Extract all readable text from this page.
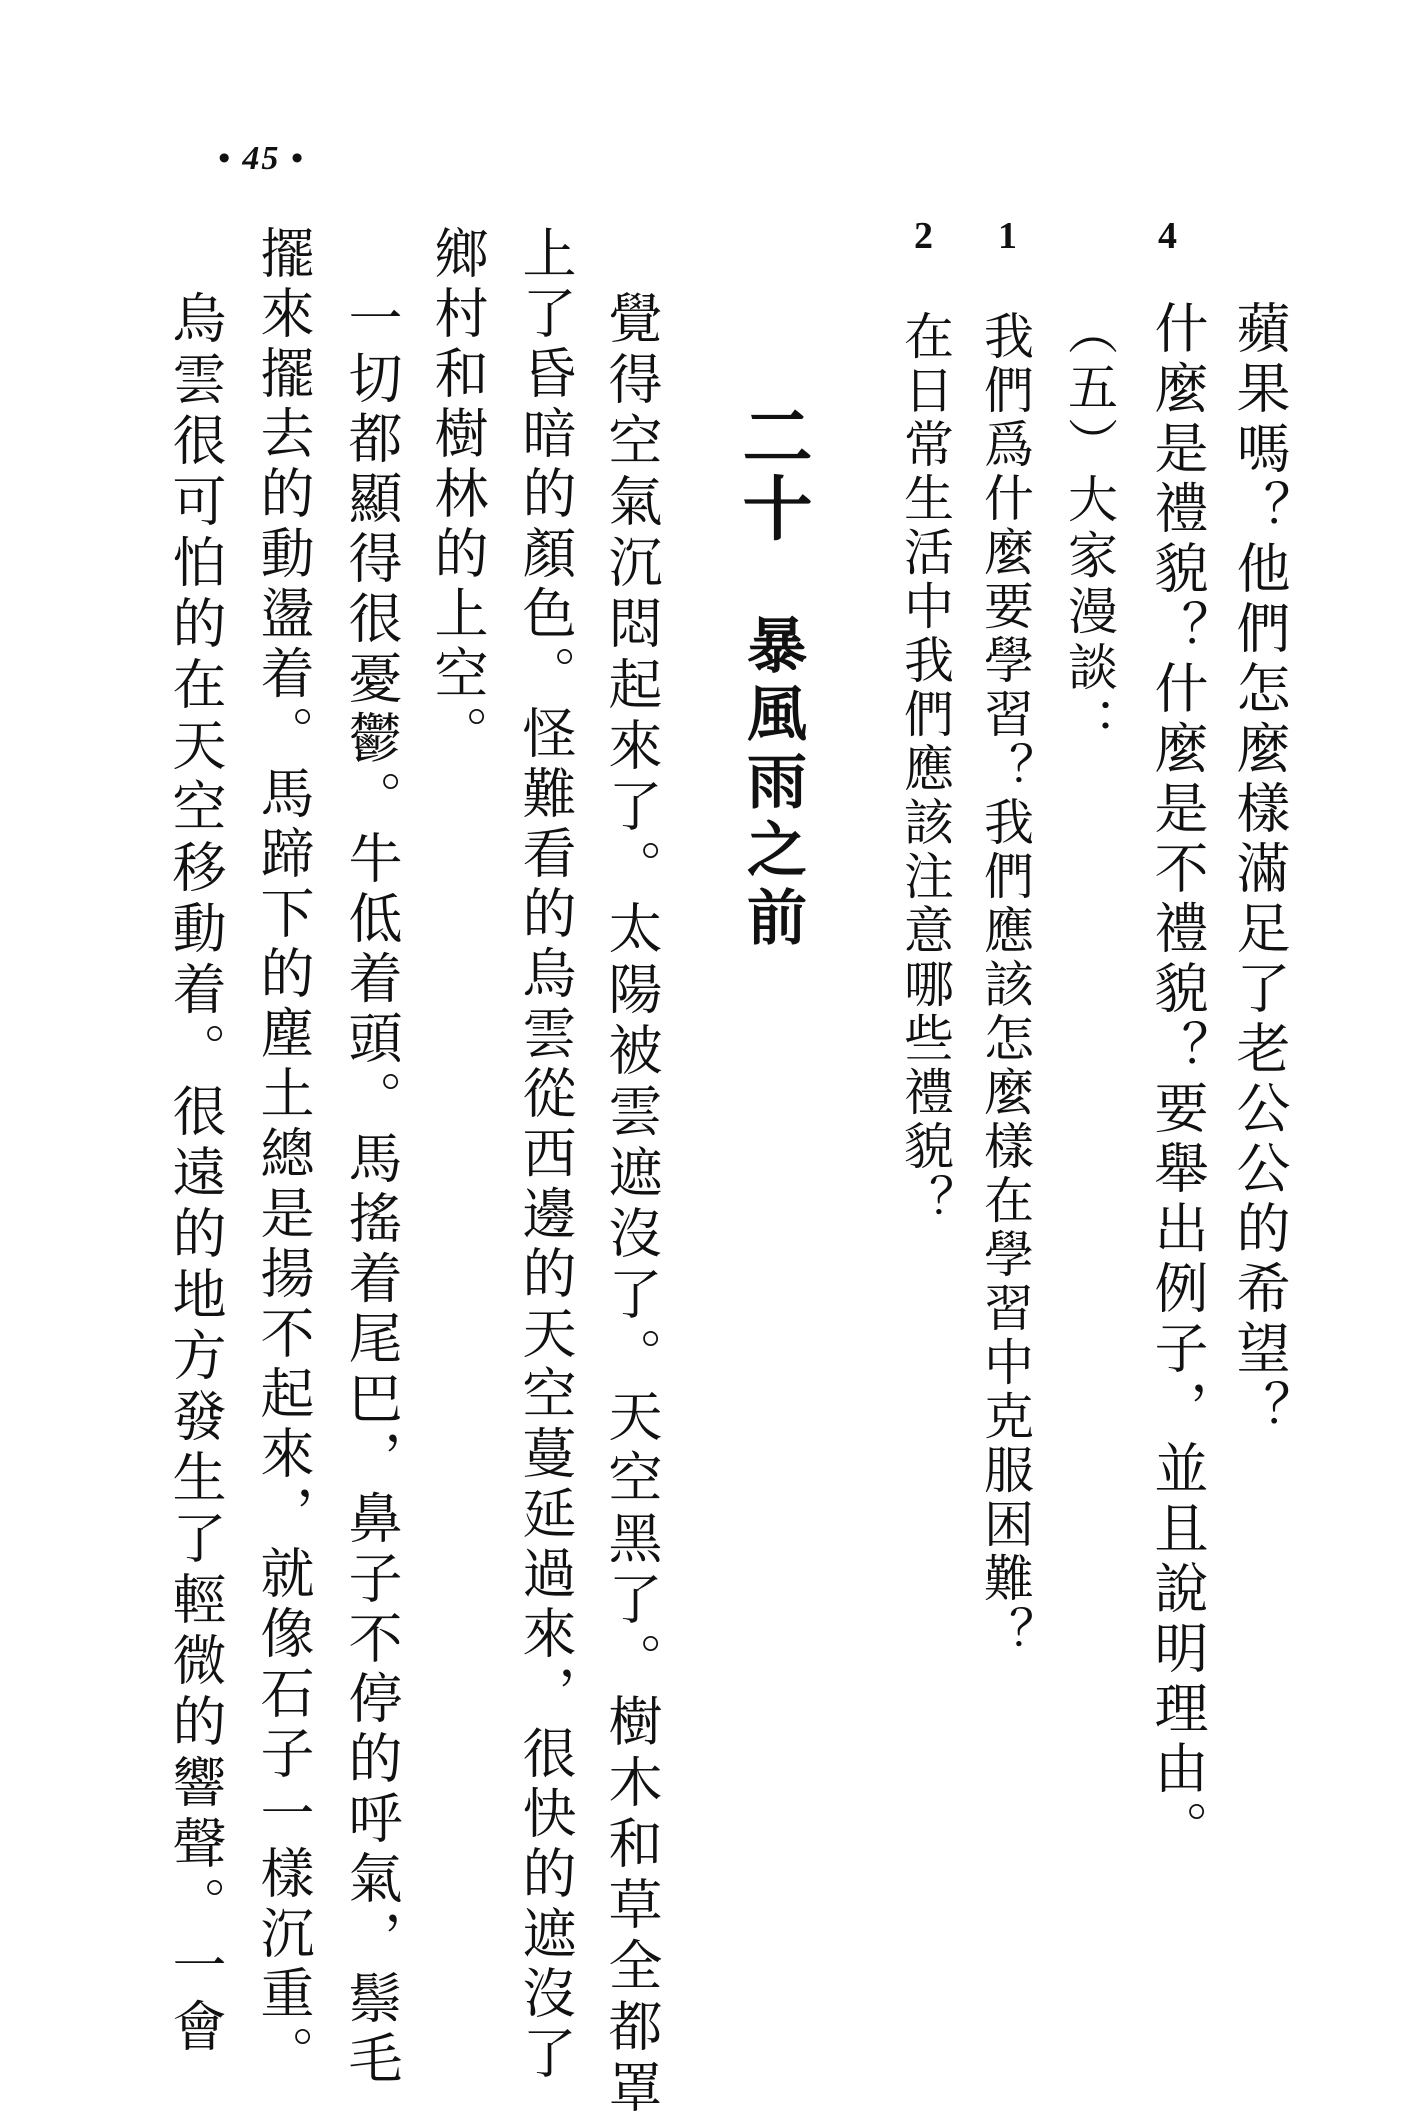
• 45 •
蘋果嗎？他們怎麼樣滿足了老公公的希望？
4
什麼是禮貌？什麼是不禮貌？要舉出例子，並且說明理由。
（五）大家漫談：
1
我們爲什麼要學習？我們應該怎麼樣在學習中克服困難？
2
在日常生活中我們應該注意哪些禮貌？
二十暴風雨之前
覺得空氣沉悶起來了。太陽被雲遮沒了。天空黑了。樹木和草全都罩
上了昏暗的顏色。怪難看的烏雲從西邊的天空蔓延過來，很快的遮沒了
鄉村和樹林的上空。
一切都顯得很憂鬱。牛低着頭。馬搖着尾巴，鼻子不停的呼氣，鬃毛
擺來擺去的動盪着。馬蹄下的塵土總是揚不起來，就像石子一樣沉重。
烏雲很可怕的在天空移動着。很遠的地方發生了輕微的響聲。一會
